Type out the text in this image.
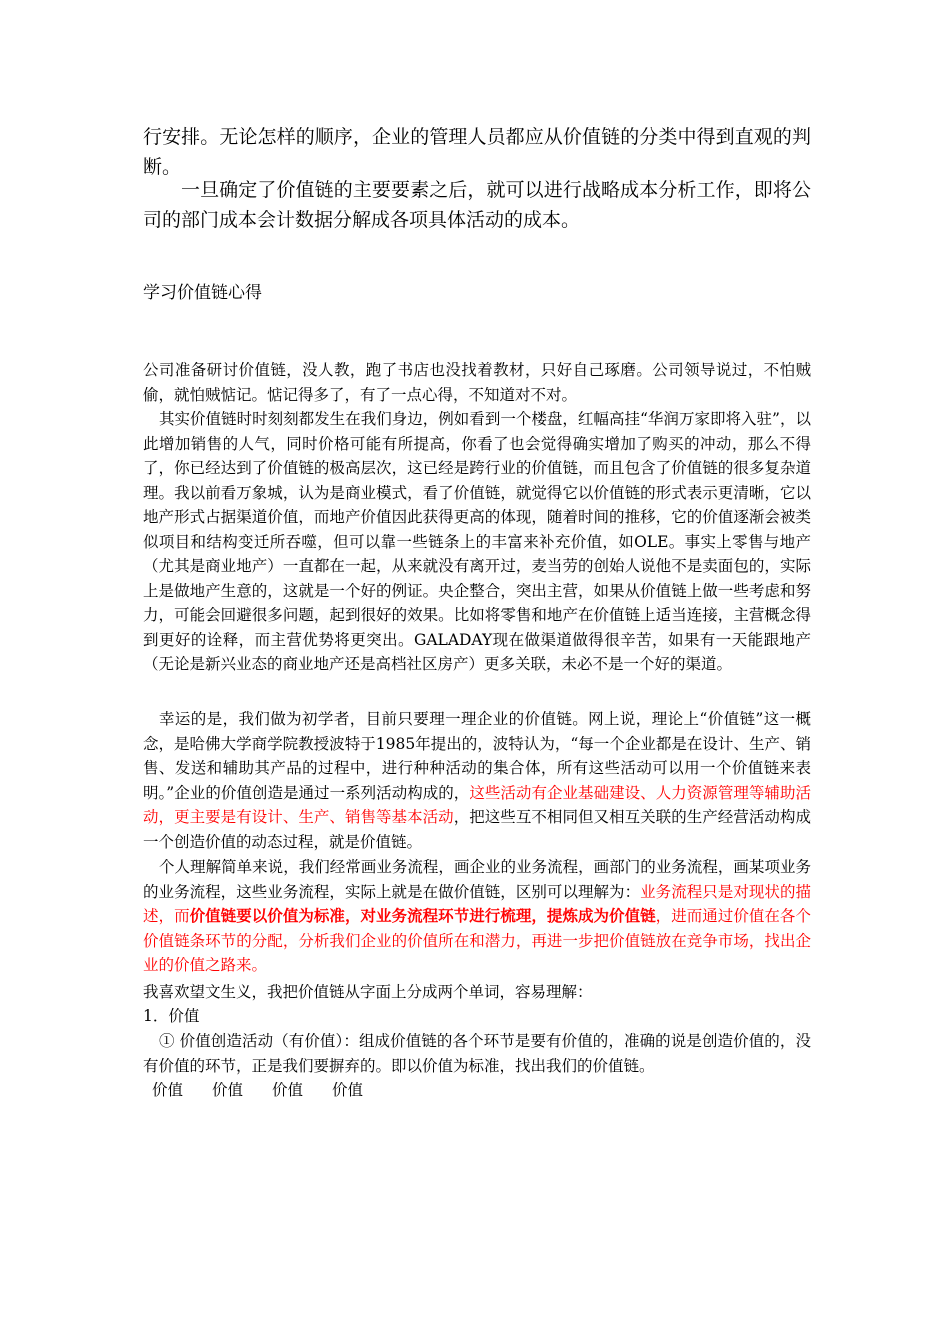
行安排。无论怎样的顺序，企业的管理人员都应从价值链的分类中得到直观的判断。

一旦确定了价值链的主要要素之后，就可以进行战略成本分析工作，即将公司的部门成本会计数据分解成各项具体活动的成本。

学习价值链心得

公司准备研讨价值链，没人教，跑了书店也没找着教材，只好自己琢磨。公司领导说过，不怕贼偷，就怕贼惦记。惦记得多了，有了一点心得，不知道对不对。

其实价值链时时刻刻都发生在我们身边，例如看到一个楼盘，红幅高挂“华润万家即将入驻”，以此增加销售的人气，同时价格可能有所提高，你看了也会觉得确实增加了购买的冲动，那么不得了，你已经达到了价值链的极高层次，这已经是跨行业的价值链，而且包含了价值链的很多复杂道理。我以前看万象城，认为是商业模式，看了价值链，就觉得它以价值链的形式表示更清晰，它以地产形式占据渠道价值，而地产价值因此获得更高的体现，随着时间的推移，它的价值逐渐会被类似项目和结构变迁所吞噬，但可以靠一些链条上的丰富来补充价值，如OLE。事实上零售与地产（尤其是商业地产）一直都在一起，从来就没有离开过，麦当劳的创始人说他不是卖面包的，实际上是做地产生意的，这就是一个好的例证。央企整合，突出主营，如果从价值链上做一些考虑和努力，可能会回避很多问题，起到很好的效果。比如将零售和地产在价值链上适当连接，主营概念得到更好的诠释，而主营优势将更突出。GALADAY现在做渠道做得很辛苦，如果有一天能跟地产（无论是新兴业态的商业地产还是高档社区房产）更多关联，未必不是一个好的渠道。

幸运的是，我们做为初学者，目前只要理一理企业的价值链。网上说，理论上“价值链”这一概念，是哈佛大学商学院教授波特于1985年提出的，波特认为，“每一个企业都是在设计、生产、销售、发送和辅助其产品的过程中，进行种种活动的集合体，所有这些活动可以用一个价值链来表明。”企业的价值创造是通过一系列活动构成的，这些活动有企业基础建设、人力资源管理等辅助活动，更主要是有设计、生产、销售等基本活动，把这些互不相同但又相互关联的生产经营活动构成一个创造价值的动态过程，就是价值链。

个人理解简单来说，我们经常画业务流程，画企业的业务流程，画部门的业务流程，画某项业务的业务流程，这些业务流程，实际上就是在做价值链，区别可以理解为：业务流程只是对现状的描述，而价值链要以价值为标准，对业务流程环节进行梳理，提炼成为价值链，进而通过价值在各个价值链条环节的分配，分析我们企业的价值所在和潜力，再进一步把价值链放在竞争市场，找出企业的价值之路来。

我喜欢望文生义，我把价值链从字面上分成两个单词，容易理解：

1．价值

① 价值创造活动（有价值）：组成价值链的各个环节是要有价值的，准确的说是创造价值的，没有价值的环节，正是我们要摒弃的。即以价值为标准，找出我们的价值链。

价值 价值 价值 价值
